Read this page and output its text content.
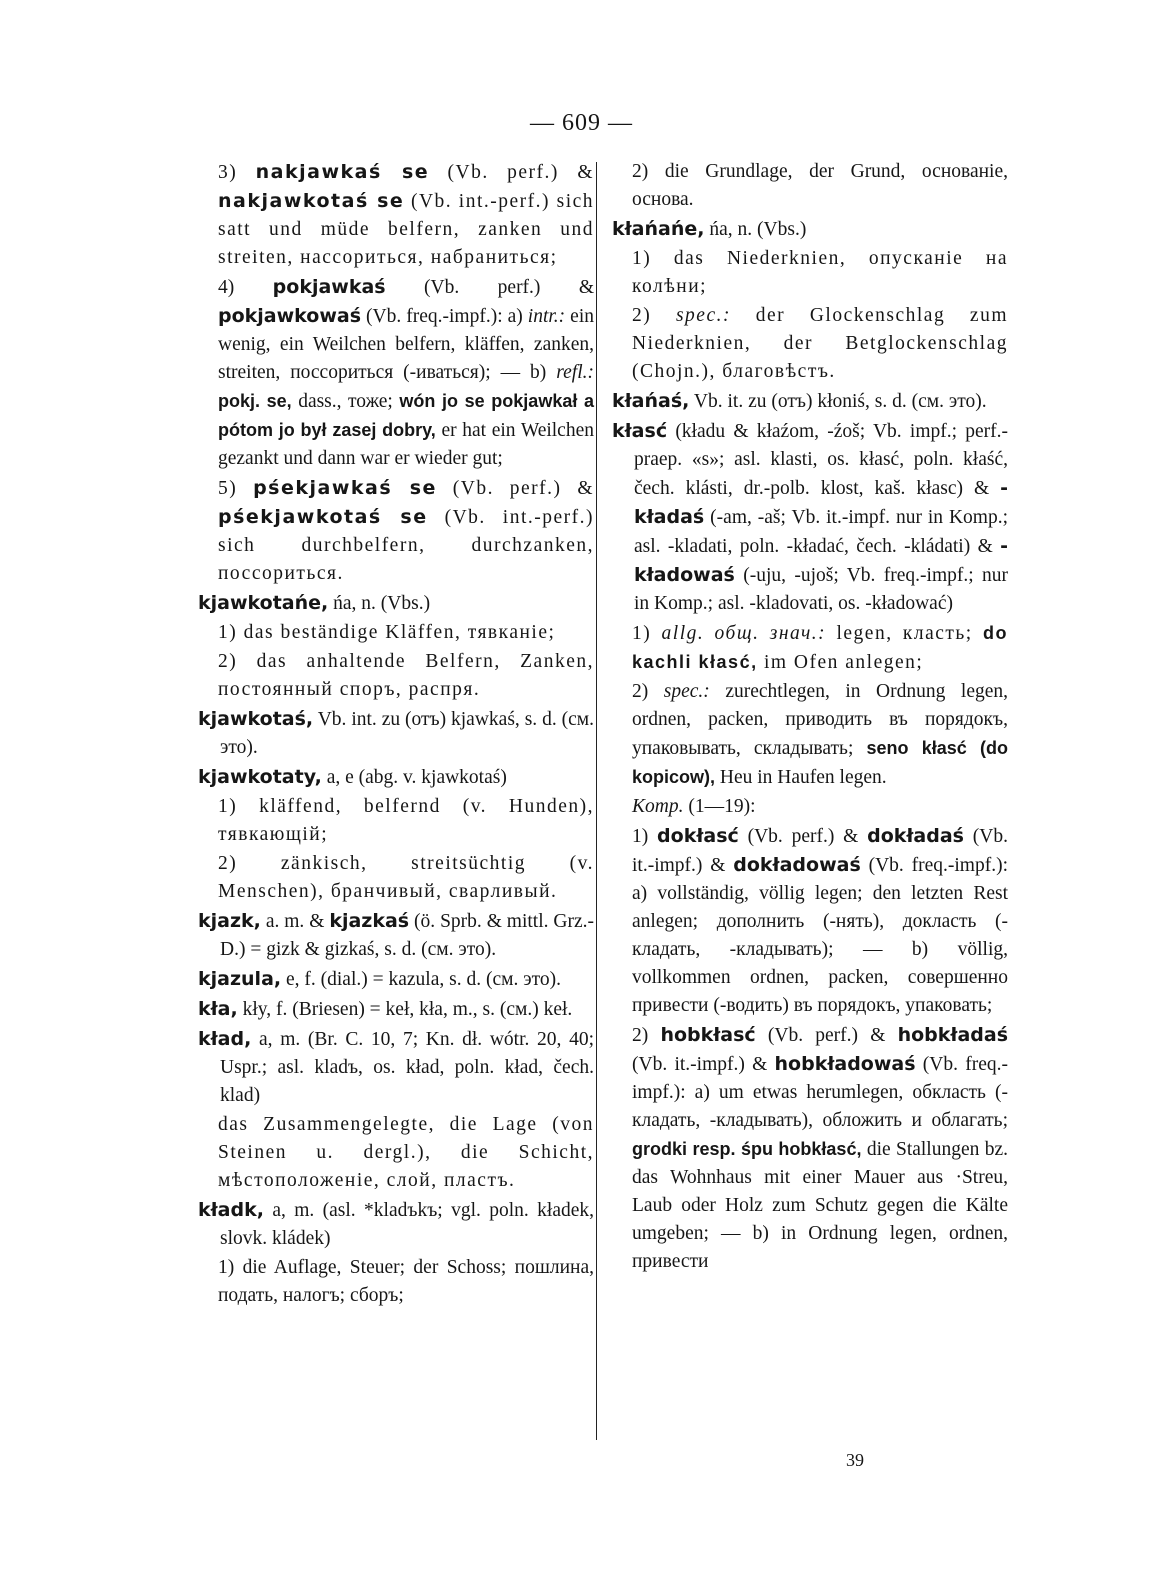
— 609 —

3) nakjawkaś se (Vb. perf.) & nakjawkotaś se (Vb. int.-perf.) sich satt und müde belfern, zanken und streiten, нассориться, набраниться;

4) pokjawkaś (Vb. perf.) & pokjawkowaś (Vb. freq.-impf.): a) intr.: ein wenig, ein Weilchen belfern, kläffen, zanken, streiten, поссориться (-иваться); — b) refl.: pokj. se, dass., тоже; wón jo se pokjawkał a pótom jo był zasej dobry, er hat ein Weilchen gezankt und dann war er wieder gut;

5) pśekjawkaś se (Vb. perf.) & pśekjawkotaś se (Vb. int.-perf.) sich durchbelfern, durchzanken, поссориться.

kjawkotańe, ńa, n. (Vbs.)

1) das beständige Kläffen, тявканіе;

2) das anhaltende Belfern, Zanken, постоянный споръ, распря.

kjawkotaś, Vb. int. zu (отъ) kjawkaś, s. d. (см. это).

kjawkotaty, a, e (abg. v. kjawkotaś)

1) kläffend, belfernd (v. Hunden), тявкающій;

2) zänkisch, streitsüchtig (v. Menschen), бранчивый, сварливый.

kjazk, a. m. & kjazkaś (ö. Sprb. & mittl. Grz.-D.) = gizk & gizkaś, s. d. (см. это).

kjazula, e, f. (dial.) = kazula, s. d. (см. это).

kła, kły, f. (Briesen) = keł, kła, m., s. (см.) keł.

kład, a, m. (Br. C. 10, 7; Kn. dł. wótr. 20, 40; Uspr.; asl. kladъ, os. kład, poln. kład, čech. klad)

das Zusammengelegte, die Lage (von Steinen u. dergl.), die Schicht, мѣстоположеніе, слой, пластъ.

kładk, a, m. (asl. *kladъkъ; vgl. poln. kładek, slovk. kládek)

1) die Auflage, Steuer; der Schoss; пошлина, подать, налогъ; сборъ;

2) die Grundlage, der Grund, основаніе, основа.

kłańańe, ńa, n. (Vbs.)

1) das Niederknien, опусканіе на колѣни;

2) spec.: der Glockenschlag zum Niederknien, der Betglockenschlag (Chojn.), благовѣстъ.

kłańaś, Vb. it. zu (отъ) kłoniś, s. d. (см. это).

kłasć (kładu & kłaźom, -źoš; Vb. impf.; perf.-praep. «s»; asl. klasti, os. kłasć, poln. kłaść, čech. klásti, dr.-polb. klost, kaš. kłasc) & -kładaś (-am, -aš; Vb. it.-impf. nur in Komp.; asl. -kladati, poln. -kładać, čech. -kládati) & -kładowaś (-uju, -ujoš; Vb. freq.-impf.; nur in Komp.; asl. -kladovati, os. -kładować)

1) allg. общ. знач.: legen, класть; do kachli kłasć, im Ofen anlegen;

2) spec.: zurechtlegen, in Ordnung legen, ordnen, packen, приводить въ порядокъ, упаковывать, складывать; seno kłasć (do kopicow), Heu in Haufen legen.

Komp. (1—19):

1) dokłasć (Vb. perf.) & dokładaś (Vb. it.-impf.) & dokładowaś (Vb. freq.-impf.): a) vollständig, völlig legen; den letzten Rest anlegen; дополнить (-нять), докласть (-кладать, -кладывать); — b) völlig, vollkommen ordnen, packen, совершенно привести (-водить) въ порядокъ, упаковать;

2) hobkłasć (Vb. perf.) & hobkładaś (Vb. it.-impf.) & hobkładowaś (Vb. freq.-impf.): a) um etwas herumlegen, обкласть (-кладать, -кладывать), обложить и облагать; grodki resp. śpu hobkłasć, die Stallungen bz. das Wohnhaus mit einer Mauer aus ·Streu, Laub oder Holz zum Schutz gegen die Kälte umgeben; — b) in Ordnung legen, ordnen, привести

39
